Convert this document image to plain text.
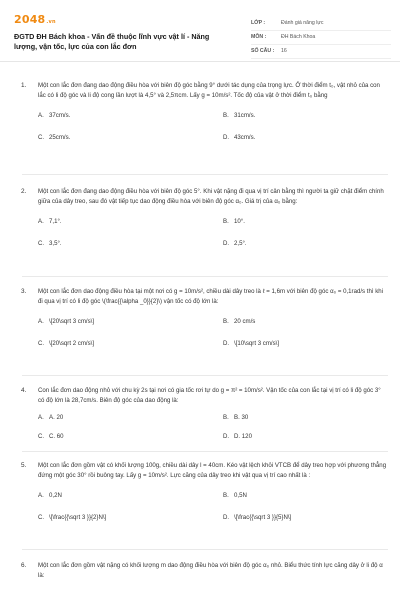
2048.vn
ĐGTD ĐH Bách khoa - Vấn đề thuộc lĩnh vực vật lí - Năng lượng, vận tốc, lực của con lắc đơn
LỚP :	Đánh giá năng lực
MÔN :	ĐH Bách Khoa
SỐ CÂU :	16
1. Một con lắc đơn đang dao động điều hòa với biên độ góc bằng 9° dưới tác dụng của trọng lực. Ở thời điểm t₀, vật nhỏ của con lắc có li độ góc và li độ cong lần lượt là 4,5° và 2,5πcm. Lấy g = 10m/s². Tốc độ của vật ở thời điểm t₀ bằng
A. 37cm/s.	B. 31cm/s.
C. 25cm/s.	D. 43cm/s.
2. Một con lắc đơn đang dao động điều hòa với biên độ góc 5°. Khi vật nặng đi qua vị trí cân bằng thì người ta giữ chặt điểm chính giữa của dây treo, sau đó vật tiếp tục dao động điều hòa với biên độ góc α₀. Giá trị của α₀ bằng:
A. 7,1°.	B. 10°.
C. 3,5°.	D. 2,5°.
3. Một con lắc đơn dao động điều hòa tại một nơi có g = 10m/s², chiều dài dây treo là ℓ = 1,6m với biên độ góc α₀ = 0,1rad/s thì khi đi qua vị trí có li độ góc \(\frac{{\alpha _0}}{2}\) vận tốc có độ lớn là:
A. \[20\sqrt 3 cm/s\]	B. 20 cm/s
C. \[20\sqrt 2 cm/s\]	D. \[10\sqrt 3 cm/s\]
4. Con lắc đơn dao động nhỏ với chu kỳ 2s tại nơi có gia tốc rơi tự do g = π² = 10m/s². Vận tốc của con lắc tại vị trí có li độ góc 3° có độ lớn là 28,7cm/s. Biên độ góc của dao động là:
A. A. 20	B. B. 30
C. C. 60	D. D. 120
5. Một con lắc đơn gồm vật có khối lượng 100g, chiều dài dây l = 40cm. Kéo vật lệch khỏi VTCB để dây treo hợp với phương thẳng đứng một góc 30° rồi buông tay. Lấy g = 10m/s². Lực căng của dây treo khi vật qua vị trí cao nhất là :
A. 0,2N	B. 0,5N
C. \[\frac{{\sqrt 3 }}{2}N\]	D. \[\frac{{\sqrt 3 }}{5}N\]
6. Một con lắc đơn gồm vật nặng có khối lượng m dao động điều hòa với biên độ góc α₀ nhỏ. Biểu thức tính lực căng dây ở li độ α là:
